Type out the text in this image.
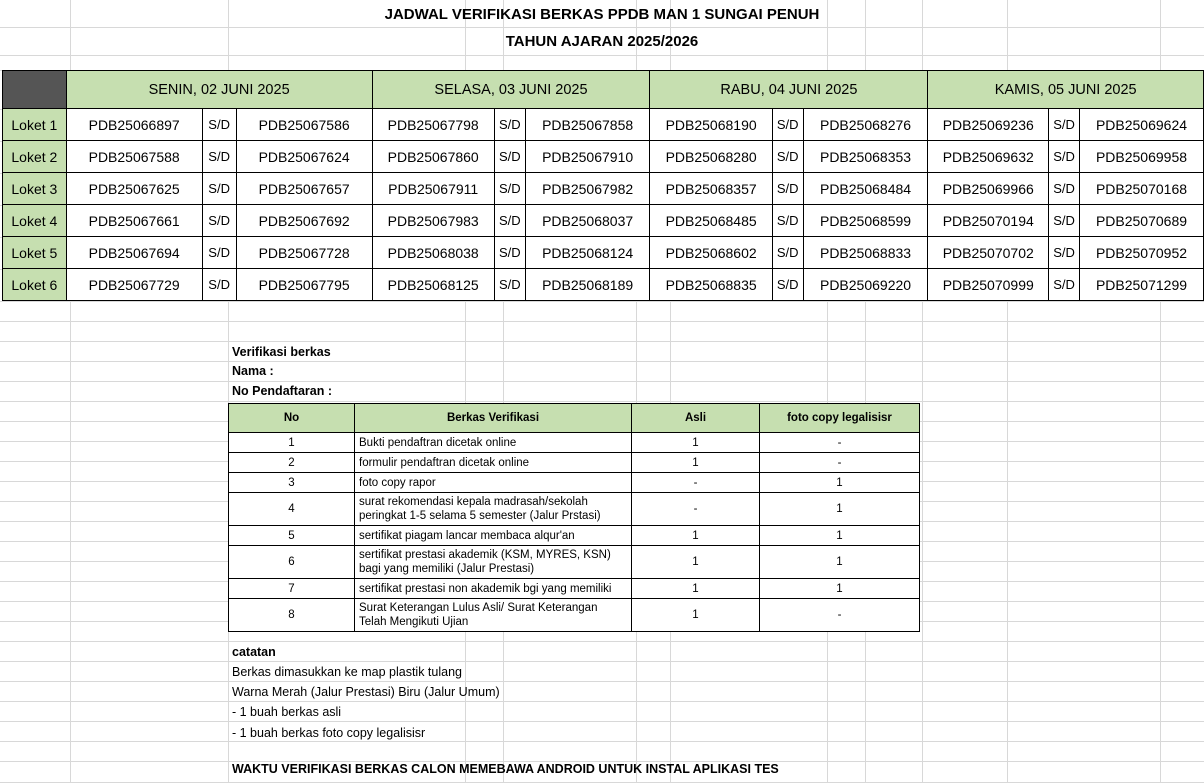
JADWAL VERIFIKASI BERKAS PPDB MAN 1 SUNGAI PENUH
TAHUN AJARAN 2025/2026
	SENIN, 02 JUNI 2025			SELASA, 03 JUNI 2025			RABU, 04 JUNI 2025			KAMIS, 05 JUNI 2025		
Loket 1	PDB25066897	S/D	PDB25067586	PDB25067798	S/D	PDB25067858	PDB25068190	S/D	PDB25068276	PDB25069236	S/D	PDB25069624
Loket 2	PDB25067588	S/D	PDB25067624	PDB25067860	S/D	PDB25067910	PDB25068280	S/D	PDB25068353	PDB25069632	S/D	PDB25069958
Loket 3	PDB25067625	S/D	PDB25067657	PDB25067911	S/D	PDB25067982	PDB25068357	S/D	PDB25068484	PDB25069966	S/D	PDB25070168
Loket 4	PDB25067661	S/D	PDB25067692	PDB25067983	S/D	PDB25068037	PDB25068485	S/D	PDB25068599	PDB25070194	S/D	PDB25070689
Loket 5	PDB25067694	S/D	PDB25067728	PDB25068038	S/D	PDB25068124	PDB25068602	S/D	PDB25068833	PDB25070702	S/D	PDB25070952
Loket 6	PDB25067729	S/D	PDB25067795	PDB25068125	S/D	PDB25068189	PDB25068835	S/D	PDB25069220	PDB25070999	S/D	PDB25071299
Verifikasi berkas
Nama :
No Pendaftaran :
No	Berkas Verifikasi	Asli	foto copy legalisisr
1	Bukti pendaftran dicetak online	1	-
2	formulir pendaftran dicetak online	1	-
3	foto copy rapor	-	1
4	surat rekomendasi kepala madrasah/sekolah peringkat 1-5 selama 5 semester (Jalur Prstasi)	-	1
5	sertifikat piagam lancar membaca alqur'an	1	1
6	sertifikat prestasi akademik (KSM, MYRES, KSN) bagi yang memiliki (Jalur Prestasi)	1	1
7	sertifikat prestasi non akademik bgi yang memiliki	1	1
8	Surat Keterangan Lulus Asli/ Surat Keterangan Telah Mengikuti Ujian	1	-
catatan
Berkas dimasukkan ke map plastik tulang
Warna Merah (Jalur Prestasi) Biru (Jalur Umum)
- 1 buah berkas asli
- 1 buah berkas foto copy legalisisr
WAKTU VERIFIKASI BERKAS CALON MEMEBAWA ANDROID UNTUK INSTAL APLIKASI TES
